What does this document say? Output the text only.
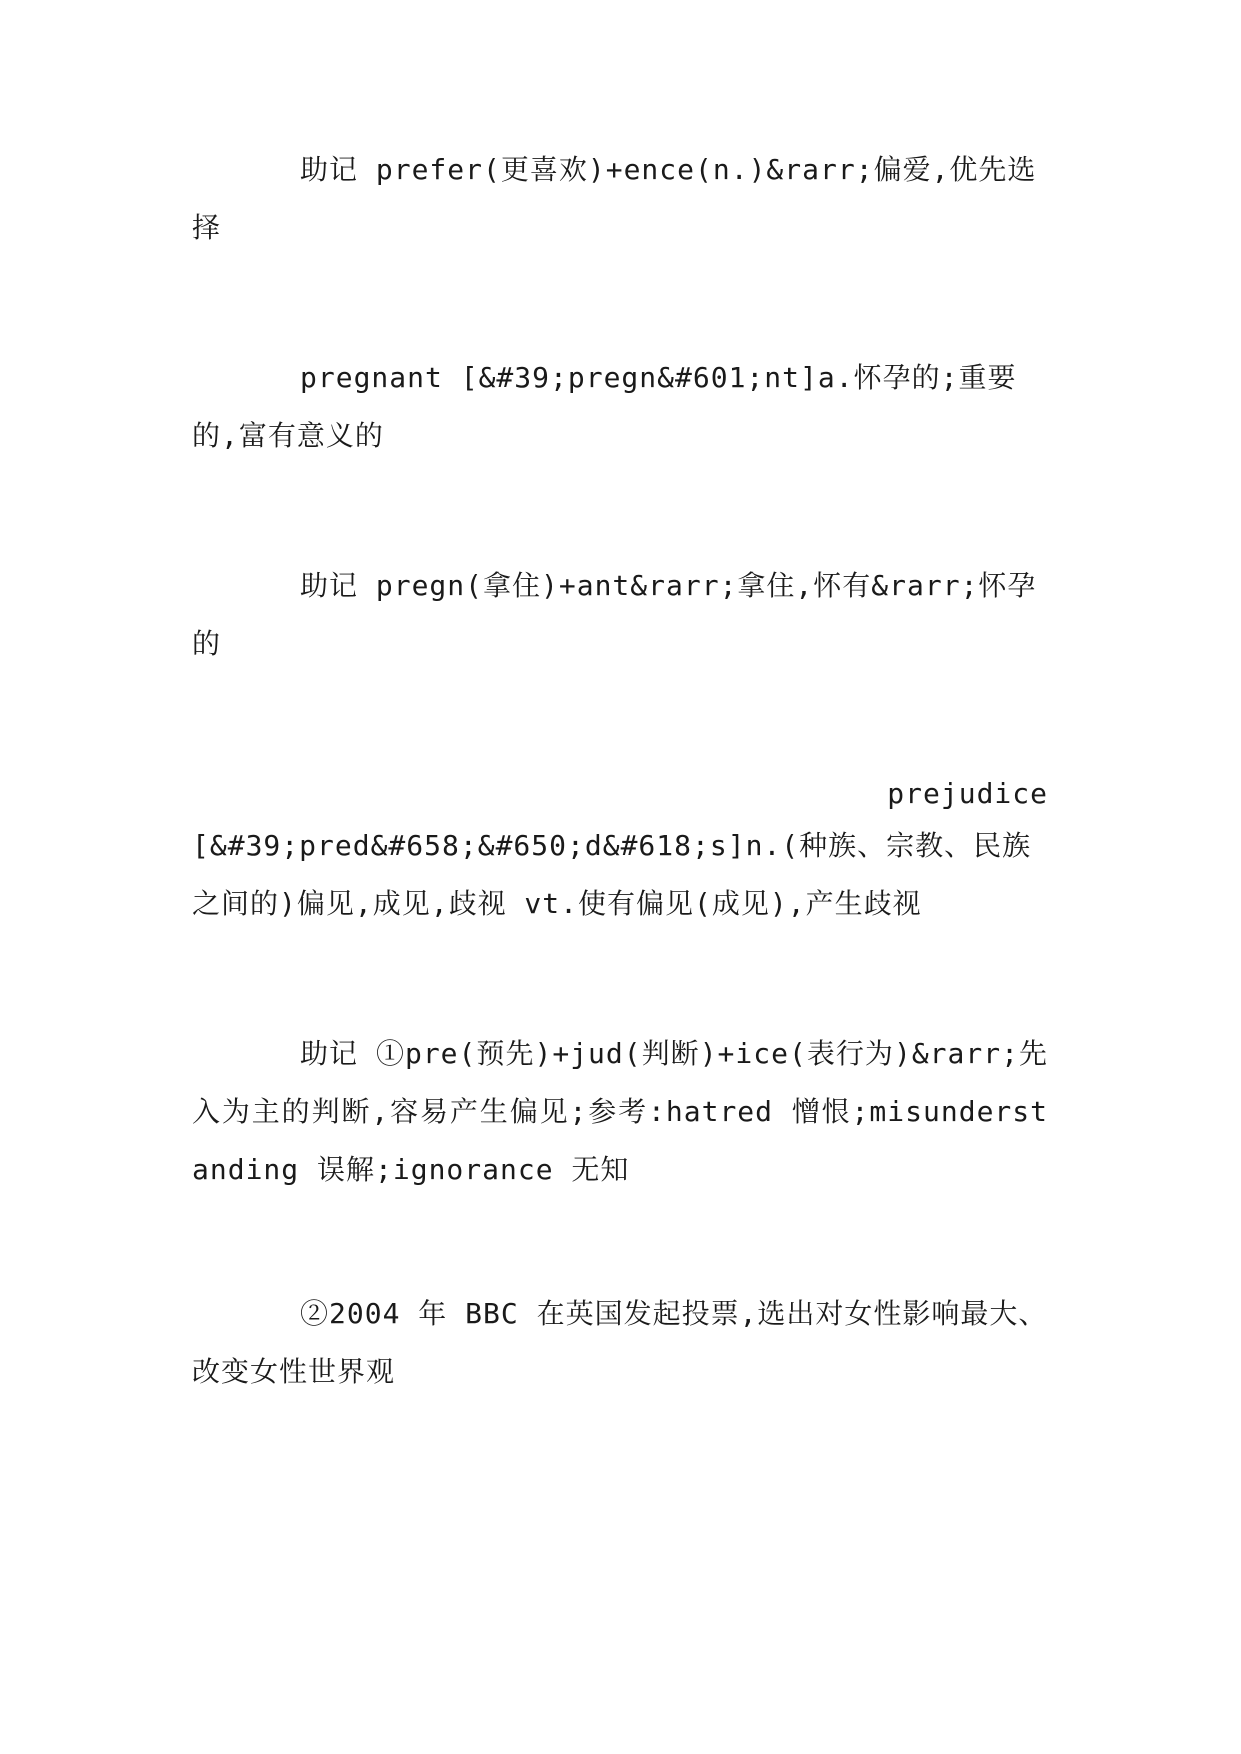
助记 prefer(更喜欢)+ence(n.)&rarr;偏爱,优先选择

pregnant [&#39;pregn&#601;nt]a.怀孕的;重要的,富有意义的

助记 pregn(拿住)+ant&rarr;拿住,怀有&rarr;怀孕的

prejudice

[&#39;pred&#658;&#650;d&#618;s]n.(种族、宗教、民族之间的)偏见,成见,歧视 vt.使有偏见(成见),产生歧视

助记 ①pre(预先)+jud(判断)+ice(表行为)&rarr;先入为主的判断,容易产生偏见;参考:hatred 憎恨;misunderstanding 误解;ignorance 无知

②2004 年 BBC 在英国发起投票,选出对女性影响最大、改变女性世界观
